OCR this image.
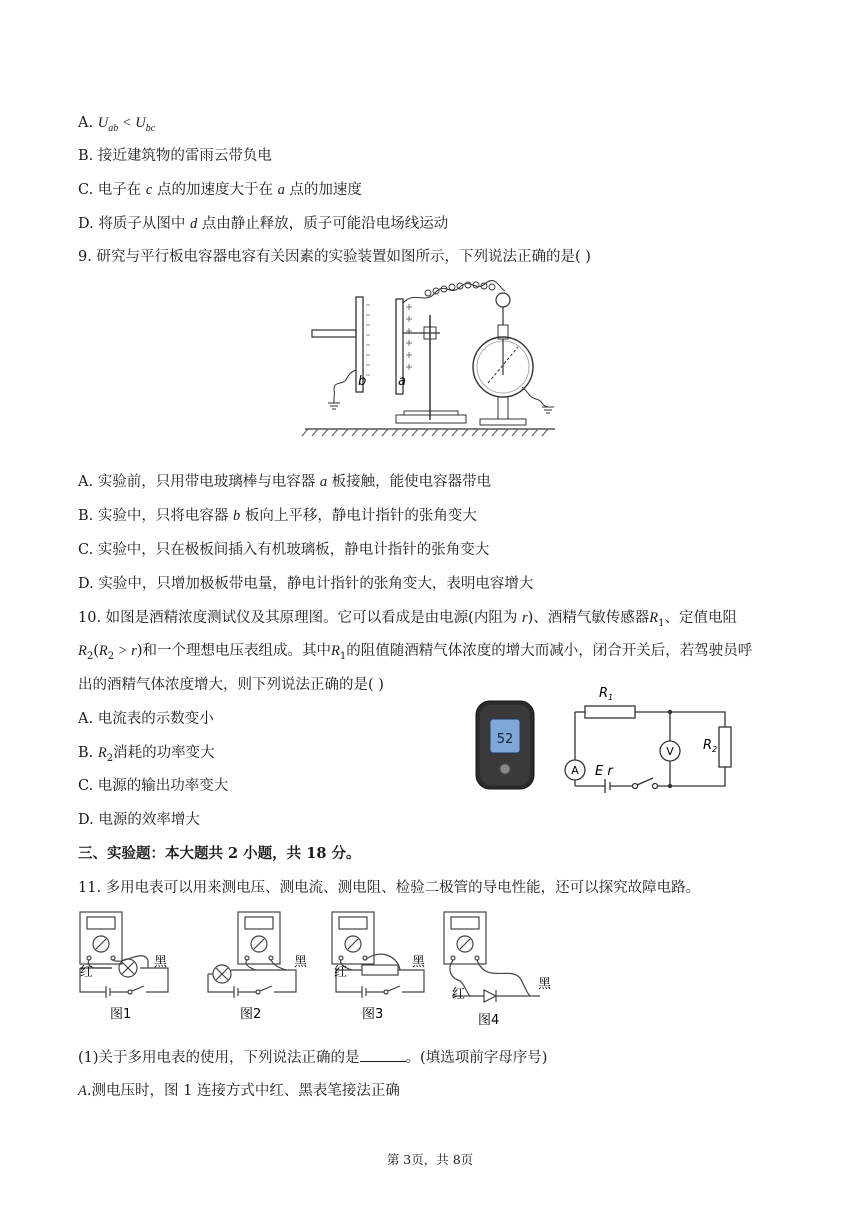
A. $U_{ab} < U_{bc}$
B. 接近建筑物的雷雨云带负电
C. 电子在 c 点的加速度大于在 a 点的加速度
D. 将质子从图中 d 点由静止释放，质子可能沿电场线运动
9. 研究与平行板电容器电容有关因素的实验装置如图所示，下列说法正确的是( )
b a
A. 实验前，只用带电玻璃棒与电容器 a 板接触，能使电容器带电
B. 实验中，只将电容器 b 板向上平移，静电计指针的张角变大
C. 实验中，只在极板间插入有机玻璃板，静电计指针的张角变大
D. 实验中，只增加极板带电量，静电计指针的张角变大，表明电容增大
10. 如图是酒精浓度测试仪及其原理图。它可以看成是由电源(内阻为 r)、酒精气敏传感器$R_1$、定值电阻
$R_2(R_2 > r)$和一个理想电压表组成。其中$R_1$的阻值随酒精气体浓度的增大而减小，闭合开关后，若驾驶员呼
出的酒精气体浓度增大，则下列说法正确的是( )
A. 电流表的示数变小
B. $R_2$消耗的功率变大
C. 电源的输出功率变大
D. 电源的效率增大
52
A
V
$R_1$
$R_2$
E r
三、实验题：本大题共 2 小题，共 18 分。
11. 多用电表可以用来测电压、测电流、测电阻、检验二极管的导电性能，还可以探究故障电路。
红
黑
图1
黑
图2
红
黑
图3
红
黑
图4
(1)关于多用电表的使用，下列说法正确的是	。(填选项前字母序号)
A.测电压时，图 1 连接方式中红、黑表笔接法正确
第 3页，共 8页
